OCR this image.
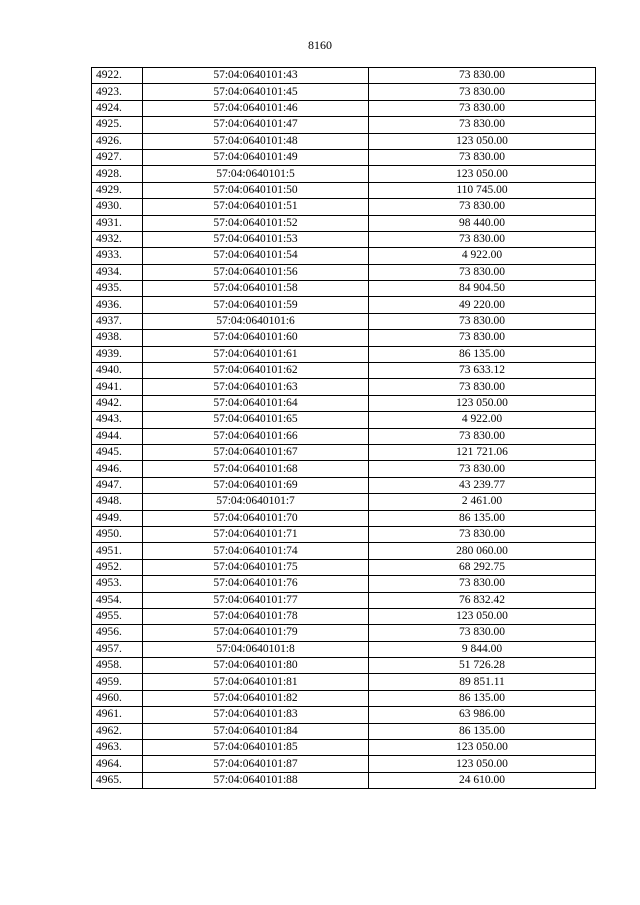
8160
4922.	57:04:0640101:43	73 830.00
4923.	57:04:0640101:45	73 830.00
4924.	57:04:0640101:46	73 830.00
4925.	57:04:0640101:47	73 830.00
4926.	57:04:0640101:48	123 050.00
4927.	57:04:0640101:49	73 830.00
4928.	57:04:0640101:5	123 050.00
4929.	57:04:0640101:50	110 745.00
4930.	57:04:0640101:51	73 830.00
4931.	57:04:0640101:52	98 440.00
4932.	57:04:0640101:53	73 830.00
4933.	57:04:0640101:54	4 922.00
4934.	57:04:0640101:56	73 830.00
4935.	57:04:0640101:58	84 904.50
4936.	57:04:0640101:59	49 220.00
4937.	57:04:0640101:6	73 830.00
4938.	57:04:0640101:60	73 830.00
4939.	57:04:0640101:61	86 135.00
4940.	57:04:0640101:62	73 633.12
4941.	57:04:0640101:63	73 830.00
4942.	57:04:0640101:64	123 050.00
4943.	57:04:0640101:65	4 922.00
4944.	57:04:0640101:66	73 830.00
4945.	57:04:0640101:67	121 721.06
4946.	57:04:0640101:68	73 830.00
4947.	57:04:0640101:69	43 239.77
4948.	57:04:0640101:7	2 461.00
4949.	57:04:0640101:70	86 135.00
4950.	57:04:0640101:71	73 830.00
4951.	57:04:0640101:74	280 060.00
4952.	57:04:0640101:75	68 292.75
4953.	57:04:0640101:76	73 830.00
4954.	57:04:0640101:77	76 832.42
4955.	57:04:0640101:78	123 050.00
4956.	57:04:0640101:79	73 830.00
4957.	57:04:0640101:8	9 844.00
4958.	57:04:0640101:80	51 726.28
4959.	57:04:0640101:81	89 851.11
4960.	57:04:0640101:82	86 135.00
4961.	57:04:0640101:83	63 986.00
4962.	57:04:0640101:84	86 135.00
4963.	57:04:0640101:85	123 050.00
4964.	57:04:0640101:87	123 050.00
4965.	57:04:0640101:88	24 610.00
